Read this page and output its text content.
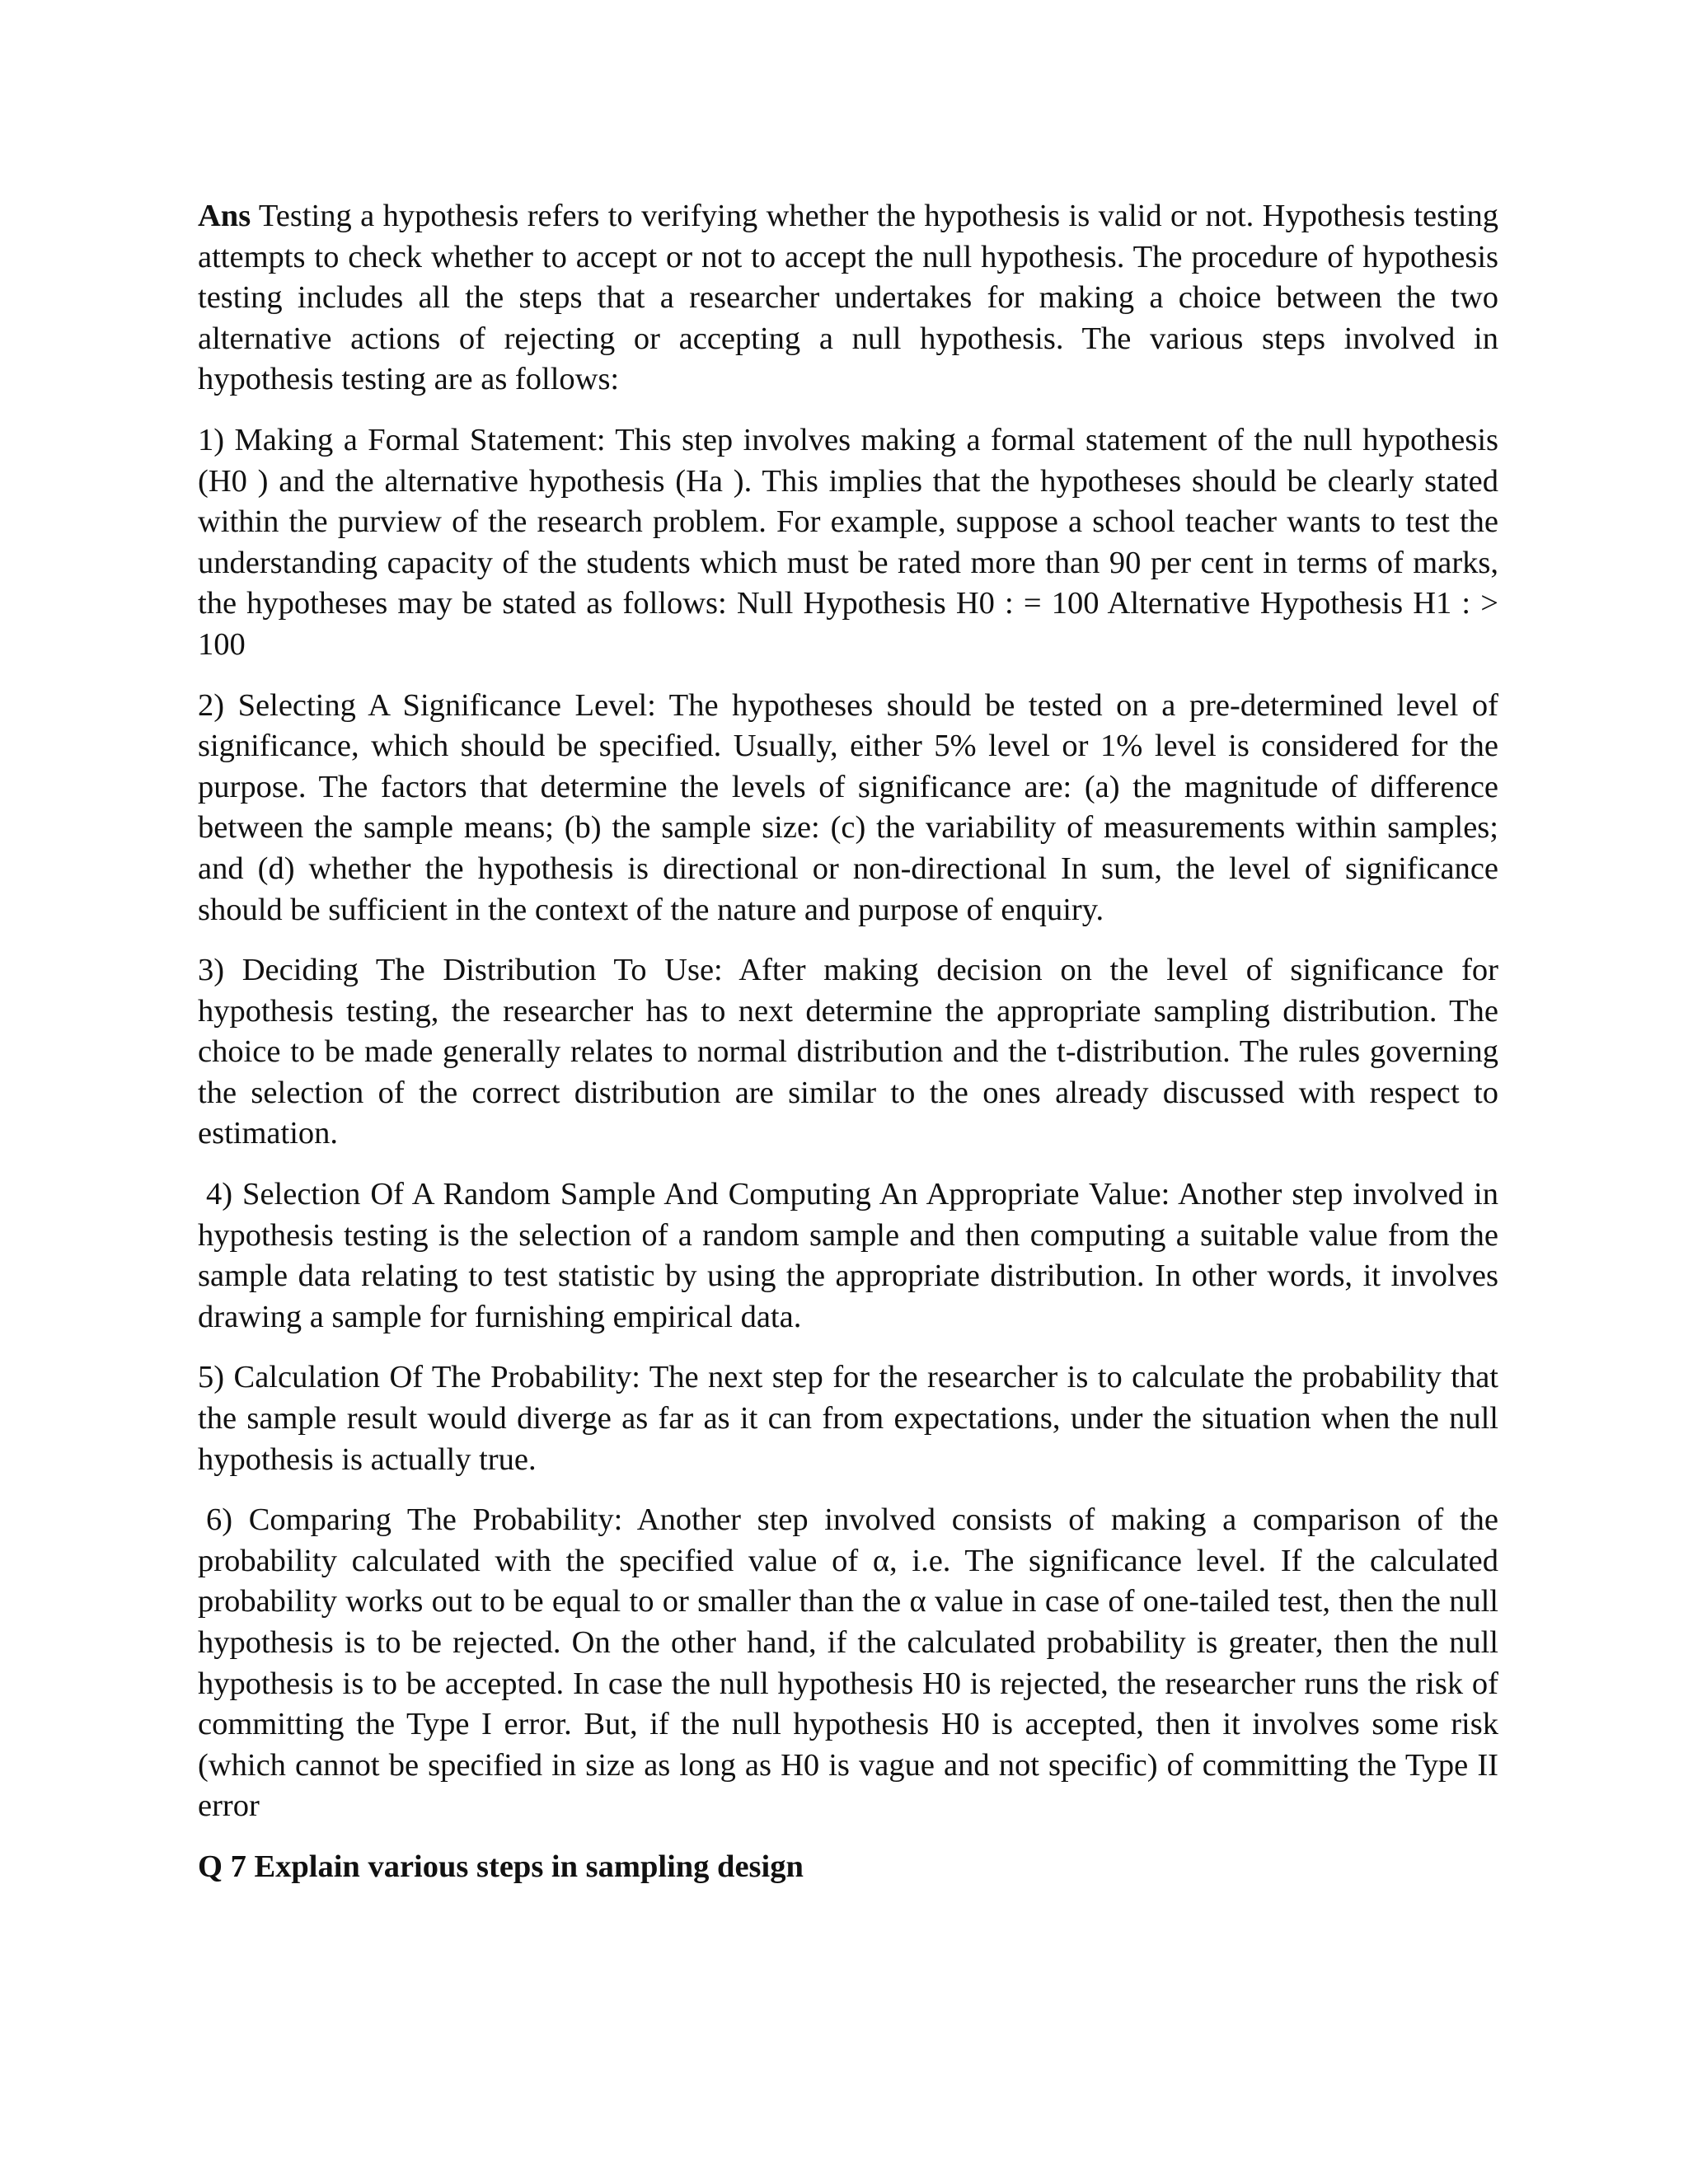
Ans Testing a hypothesis refers to verifying whether the hypothesis is valid or not. Hypothesis testing attempts to check whether to accept or not to accept the null hypothesis. The procedure of hypothesis testing includes all the steps that a researcher undertakes for making a choice between the two alternative actions of rejecting or accepting a null hypothesis. The various steps involved in hypothesis testing are as follows:

1) Making a Formal Statement: This step involves making a formal statement of the null hypothesis (H0 ) and the alternative hypothesis (Ha ). This implies that the hypotheses should be clearly stated within the purview of the research problem. For example, suppose a school teacher wants to test the understanding capacity of the students which must be rated more than 90 per cent in terms of marks, the hypotheses may be stated as follows: Null Hypothesis H0 : = 100 Alternative Hypothesis H1 : > 100

2) Selecting A Significance Level: The hypotheses should be tested on a pre-determined level of significance, which should be specified. Usually, either 5% level or 1% level is considered for the purpose. The factors that determine the levels of significance are: (a) the magnitude of difference between the sample means; (b) the sample size: (c) the variability of measurements within samples; and (d) whether the hypothesis is directional or non-directional In sum, the level of significance should be sufficient in the context of the nature and purpose of enquiry.

3) Deciding The Distribution To Use: After making decision on the level of significance for hypothesis testing, the researcher has to next determine the appropriate sampling distribution. The choice to be made generally relates to normal distribution and the t-distribution. The rules governing the selection of the correct distribution are similar to the ones already discussed with respect to estimation.

4) Selection Of A Random Sample And Computing An Appropriate Value: Another step involved in hypothesis testing is the selection of a random sample and then computing a suitable value from the sample data relating to test statistic by using the appropriate distribution. In other words, it involves drawing a sample for furnishing empirical data.

5) Calculation Of The Probability: The next step for the researcher is to calculate the probability that the sample result would diverge as far as it can from expectations, under the situation when the null hypothesis is actually true.

6) Comparing The Probability: Another step involved consists of making a comparison of the probability calculated with the specified value of α, i.e. The significance level. If the calculated probability works out to be equal to or smaller than the α value in case of one-tailed test, then the null hypothesis is to be rejected. On the other hand, if the calculated probability is greater, then the null hypothesis is to be accepted. In case the null hypothesis H0 is rejected, the researcher runs the risk of committing the Type I error. But, if the null hypothesis H0 is accepted, then it involves some risk (which cannot be specified in size as long as H0 is vague and not specific) of committing the Type II error

Q 7 Explain various steps in sampling design
